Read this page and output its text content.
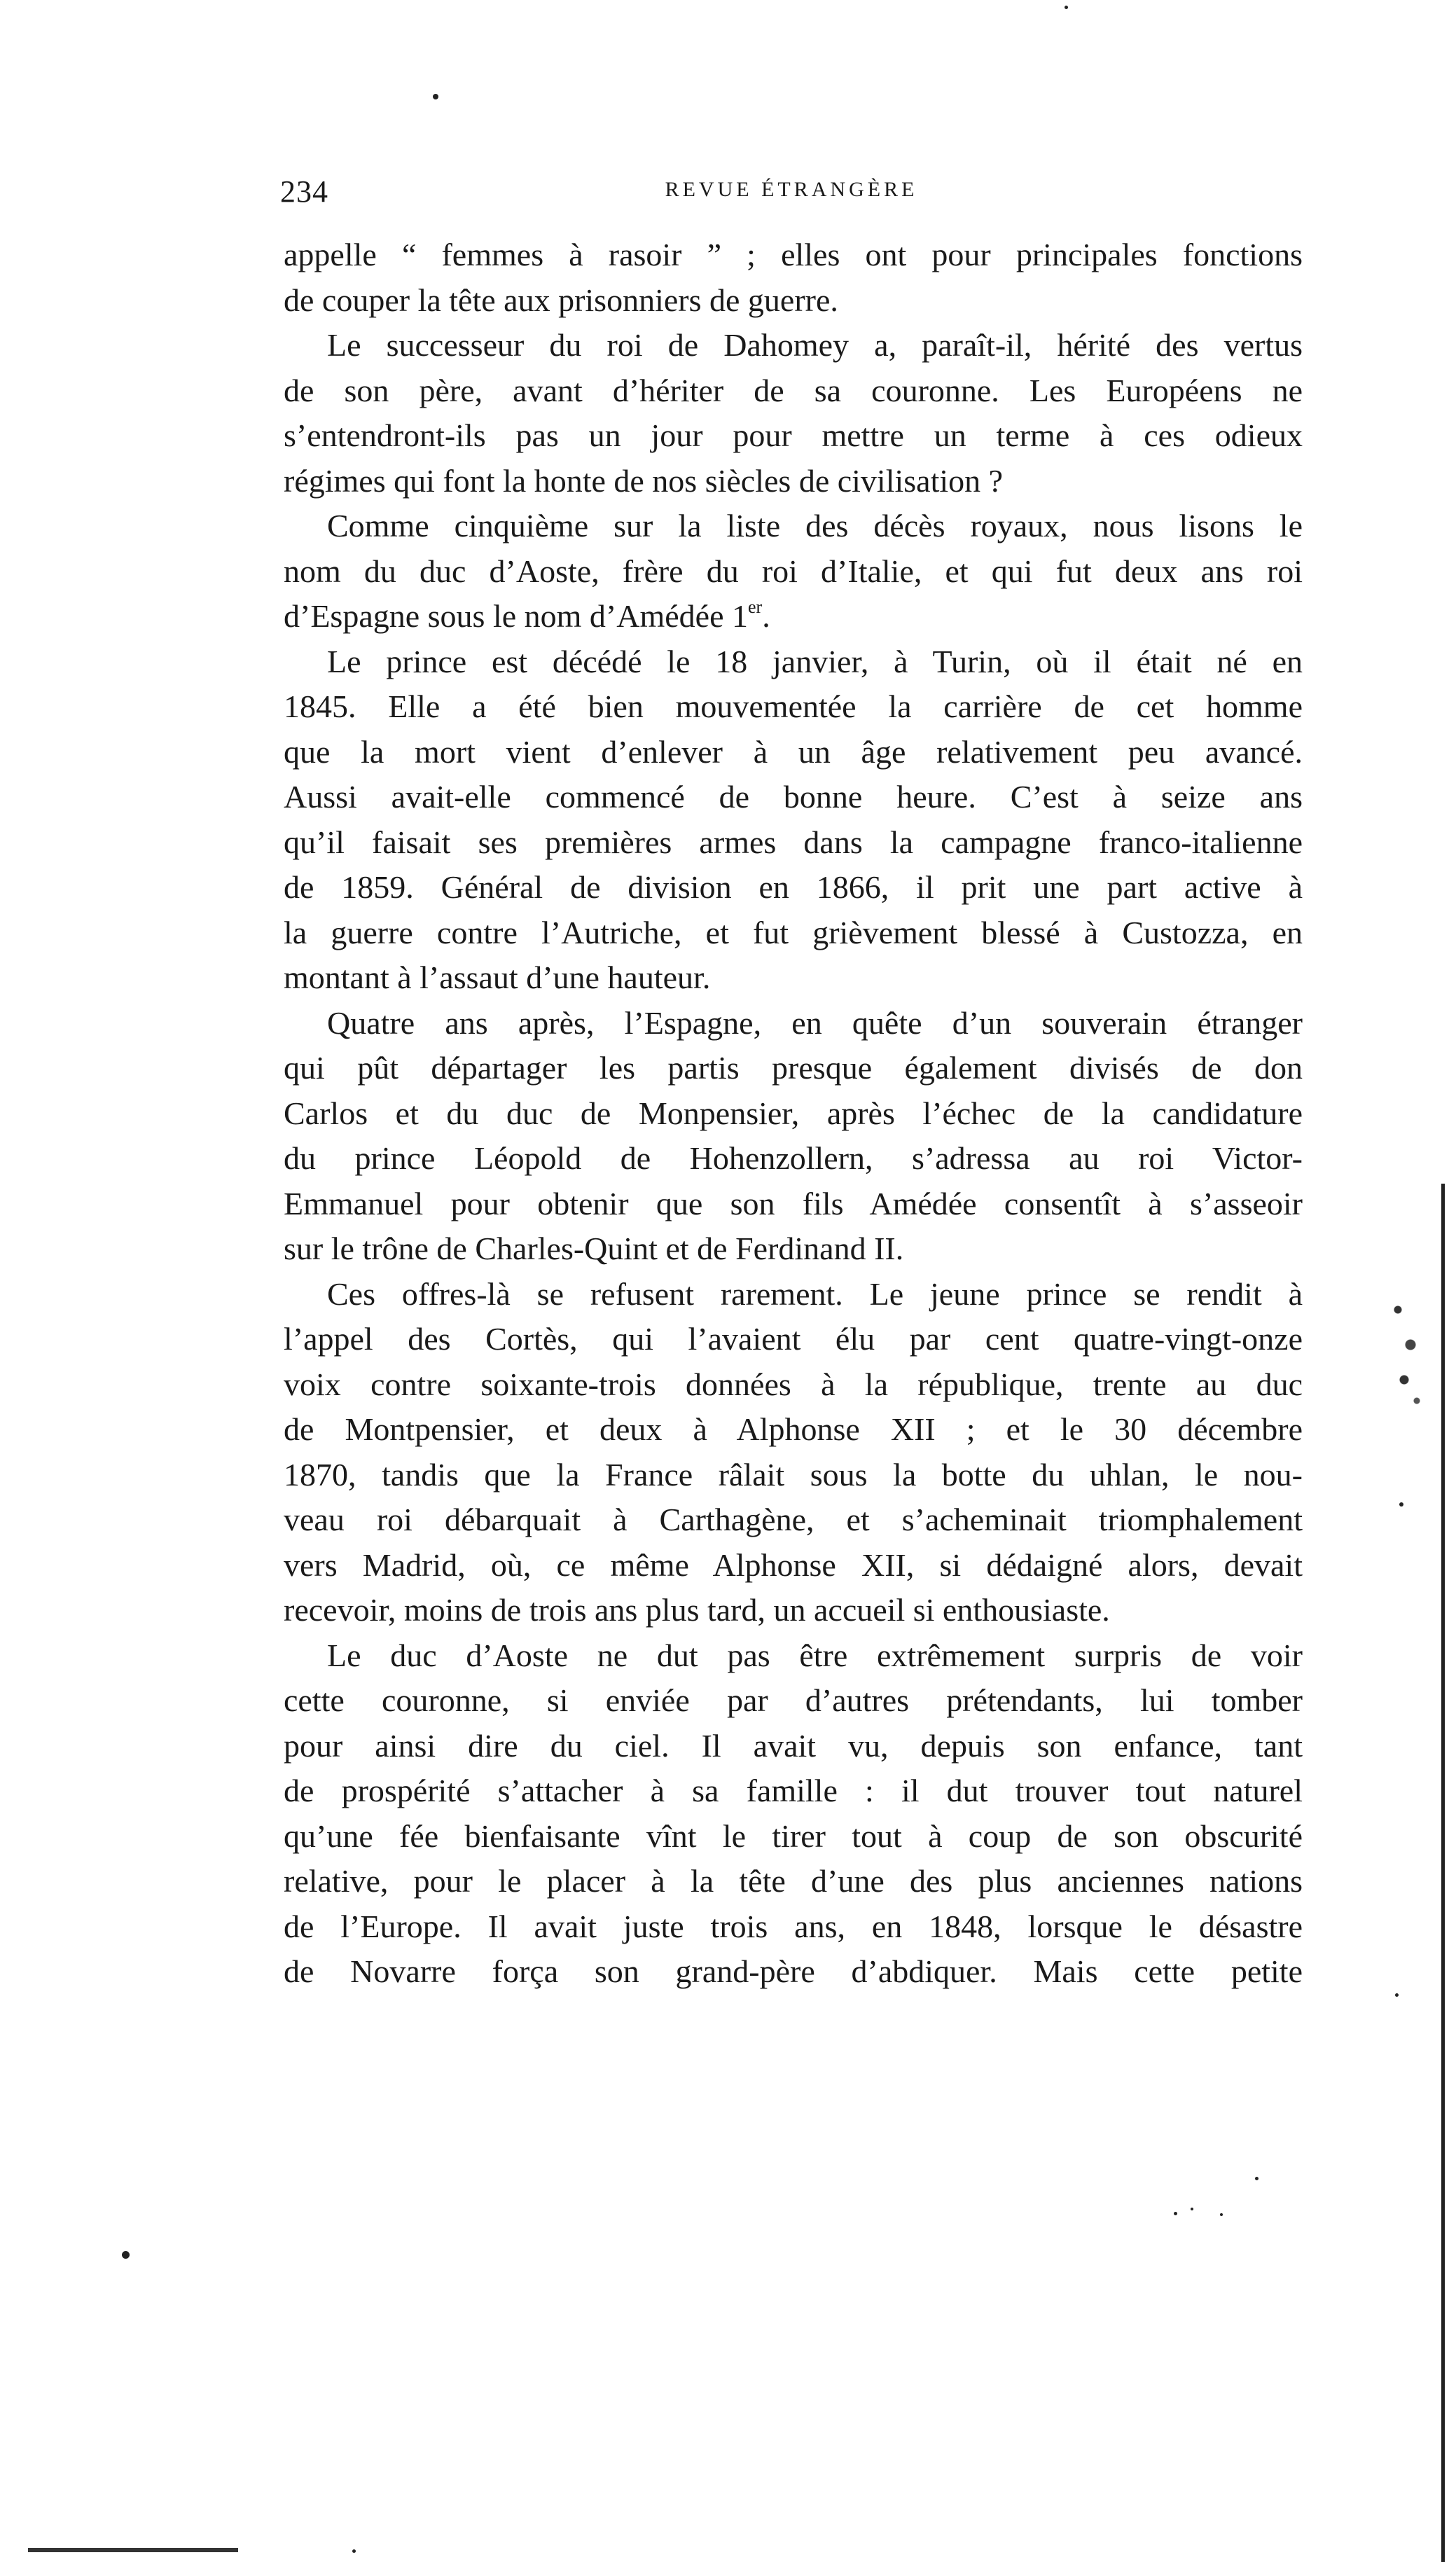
234	REVUE ÉTRANGÈRE

appelle “ femmes à rasoir ” ; elles ont pour principales fonctions
de couper la tête aux prisonniers de guerre.

Le successeur du roi de Dahomey a, paraît-il, hérité des vertus
de son père, avant d’hériter de sa couronne. Les Européens ne
s’entendront-ils pas un jour pour mettre un terme à ces odieux
régimes qui font la honte de nos siècles de civilisation ?

Comme cinquième sur la liste des décès royaux, nous lisons le
nom du duc d’Aoste, frère du roi d’Italie, et qui fut deux ans roi
d’Espagne sous le nom d’Amédée 1er.

Le prince est décédé le 18 janvier, à Turin, où il était né en
1845. Elle a été bien mouvementée la carrière de cet homme
que la mort vient d’enlever à un âge relativement peu avancé.
Aussi avait-elle commencé de bonne heure. C’est à seize ans
qu’il faisait ses premières armes dans la campagne franco-italienne
de 1859. Général de division en 1866, il prit une part active à
la guerre contre l’Autriche, et fut grièvement blessé à Custozza, en
montant à l’assaut d’une hauteur.

Quatre ans après, l’Espagne, en quête d’un souverain étranger
qui pût départager les partis presque également divisés de don
Carlos et du duc de Monpensier, après l’échec de la candidature
du prince Léopold de Hohenzollern, s’adressa au roi Victor-
Emmanuel pour obtenir que son fils Amédée consentît à s’asseoir
sur le trône de Charles-Quint et de Ferdinand II.

Ces offres-là se refusent rarement. Le jeune prince se rendit à
l’appel des Cortès, qui l’avaient élu par cent quatre-vingt-onze
voix contre soixante-trois données à la république, trente au duc
de Montpensier, et deux à Alphonse XII ; et le 30 décembre
1870, tandis que la France râlait sous la botte du uhlan, le nou-
veau roi débarquait à Carthagène, et s’acheminait triomphalement
vers Madrid, où, ce même Alphonse XII, si dédaigné alors, devait
recevoir, moins de trois ans plus tard, un accueil si enthousiaste.

Le duc d’Aoste ne dut pas être extrêmement surpris de voir
cette couronne, si enviée par d’autres prétendants, lui tomber
pour ainsi dire du ciel. Il avait vu, depuis son enfance, tant
de prospérité s’attacher à sa famille : il dut trouver tout naturel
qu’une fée bienfaisante vînt le tirer tout à coup de son obscurité
relative, pour le placer à la tête d’une des plus anciennes nations
de l’Europe. Il avait juste trois ans, en 1848, lorsque le désastre
de Novarre força son grand-père d’abdiquer. Mais cette petite
